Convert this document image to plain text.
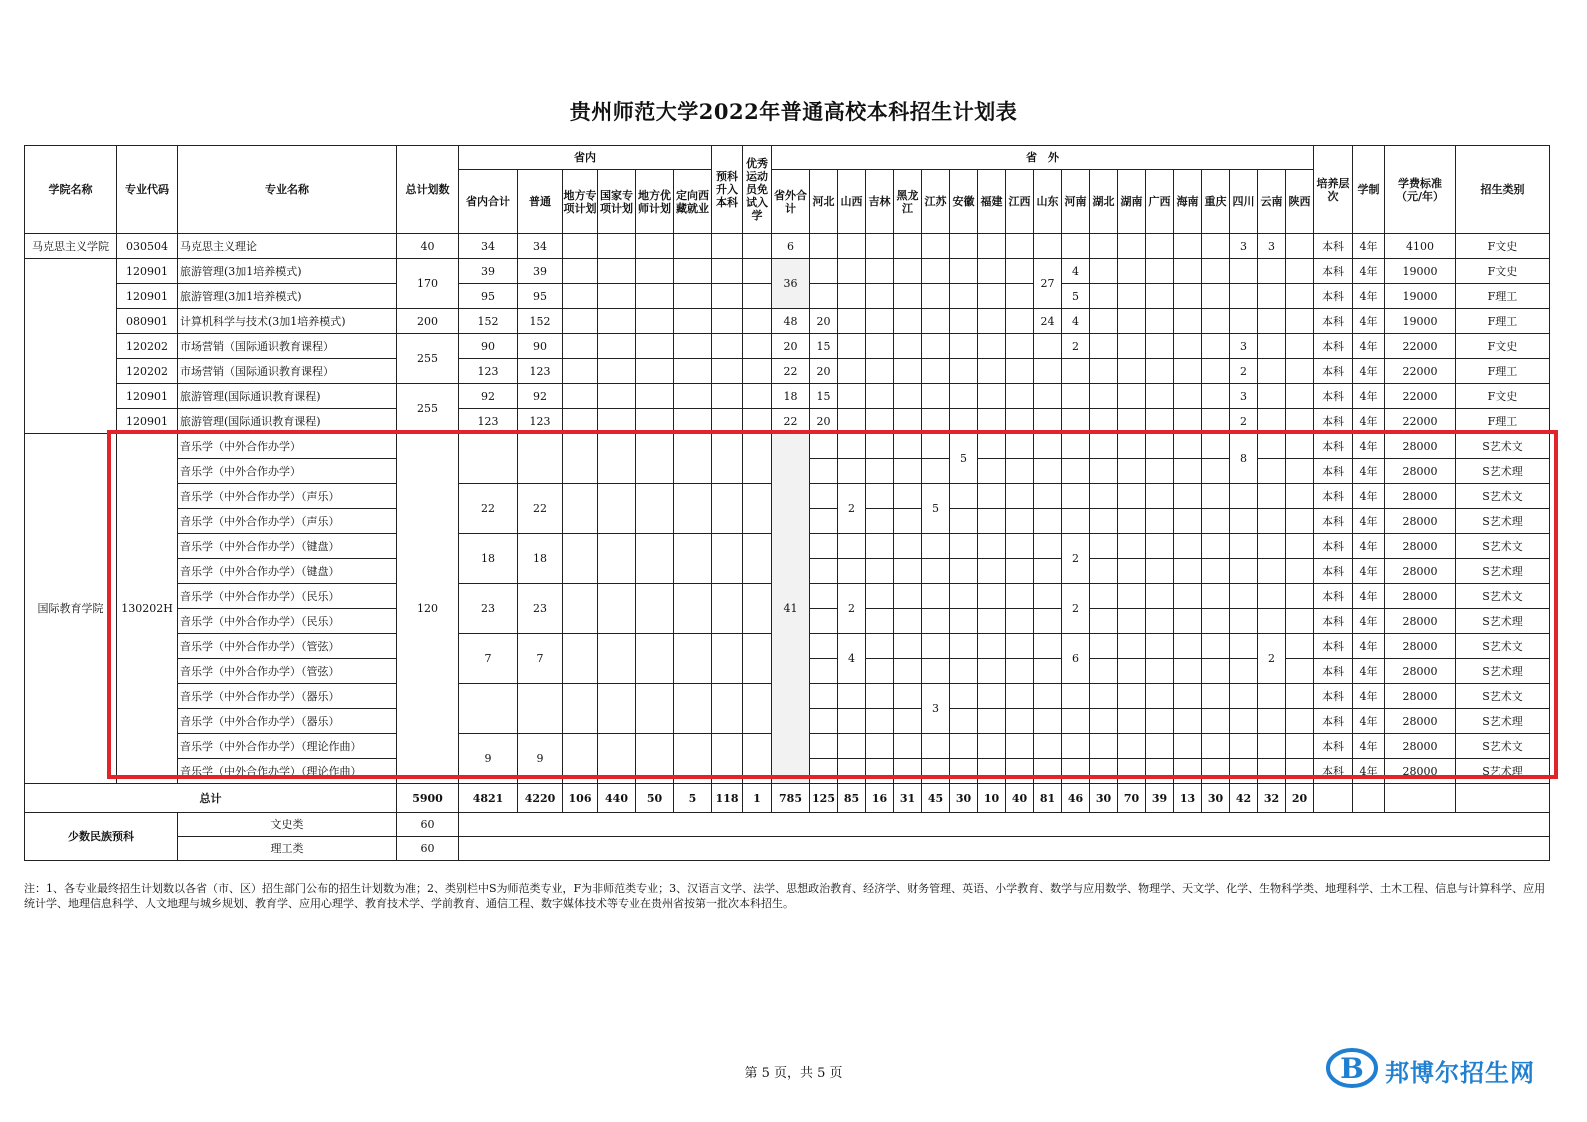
贵州师范大学2022年普通高校本科招生计划表
学院名称	专业代码	专业名称	总计划数	省内						预科升入本科	优秀运动员免试入学	省　外																			培养层次	学制	学费标准（元/年）	招生类别
				省内合计	普通	地方专项计划	国家专项计划	地方优师计划	定向西藏就业			省外合计	河北	山西	吉林	黑龙江	江苏	安徽	福建	江西	山东	河南	湖北	湖南	广西	海南	重庆	四川	云南	陕西				
马克思主义学院	030504	马克思主义理论	40	34	34							6																3	3		本科	4年	4100	F文史
	120901	旅游管理(3加1培养模式)	170	39	39							36									27	4									本科	4年	19000	F文史
	120901	旅游管理(3加1培养模式)		95	95																	5									本科	4年	19000	F理工
	080901	计算机科学与技术(3加1培养模式)	200	152	152							48	20								24	4									本科	4年	19000	F理工
	120202	市场营销（国际通识教育课程）	255	90	90							20	15									2						3			本科	4年	22000	F文史
	120202	市场营销（国际通识教育课程）		123	123							22	20															2			本科	4年	22000	F理工
	120901	旅游管理(国际通识教育课程)	255	92	92							18	15															3			本科	4年	22000	F文史
	120901	旅游管理(国际通识教育课程)		123	123							22	20															2			本科	4年	22000	F理工
国际教育学院	130202H	音乐学（中外合作办学）	120									41						5										8			本科	4年	28000	S艺术文
		音乐学（中外合作办学）																													本科	4年	28000	S艺术理
		音乐学（中外合作办学）（声乐）		22	22									2			5														本科	4年	28000	S艺术文
		音乐学（中外合作办学）（声乐）																													本科	4年	28000	S艺术理
		音乐学（中外合作办学）（键盘）		18	18																	2									本科	4年	28000	S艺术文
		音乐学（中外合作办学）（键盘）																													本科	4年	28000	S艺术理
		音乐学（中外合作办学）（民乐）		23	23									2								2									本科	4年	28000	S艺术文
		音乐学（中外合作办学）（民乐）																													本科	4年	28000	S艺术理
		音乐学（中外合作办学）（管弦）		7	7									4								6							2		本科	4年	28000	S艺术文
		音乐学（中外合作办学）（管弦）																													本科	4年	28000	S艺术理
		音乐学（中外合作办学）（器乐）															3														本科	4年	28000	S艺术文
		音乐学（中外合作办学）（器乐）																													本科	4年	28000	S艺术理
		音乐学（中外合作办学）（理论作曲）		9	9																										本科	4年	28000	S艺术文
		音乐学（中外合作办学）（理论作曲）																													本科	4年	28000	S艺术理
总计			5900	4821	4220	106	440	50	5	118	1	785	125	85	16	31	45	30	10	40	81	46	30	70	39	13	30	42	32	20				
少数民族预科		文史类	60																															
		理工类	60																															
注：1、各专业最终招生计划数以各省（市、区）招生部门公布的招生计划数为准；2、类别栏中S为师范类专业，F为非师范类专业；3、汉语言文学、法学、思想政治教育、经济学、财务管理、英语、小学教育、数学与应用数学、物理学、天文学、化学、生物科学类、地理科学、土木工程、信息与计算科学、应用统计学、地理信息科学、人文地理与城乡规划、教育学、应用心理学、教育技术学、学前教育、通信工程、数字媒体技术等专业在贵州省按第一批次本科招生。
第 5 页，共 5 页	B 邦博尔招生网
